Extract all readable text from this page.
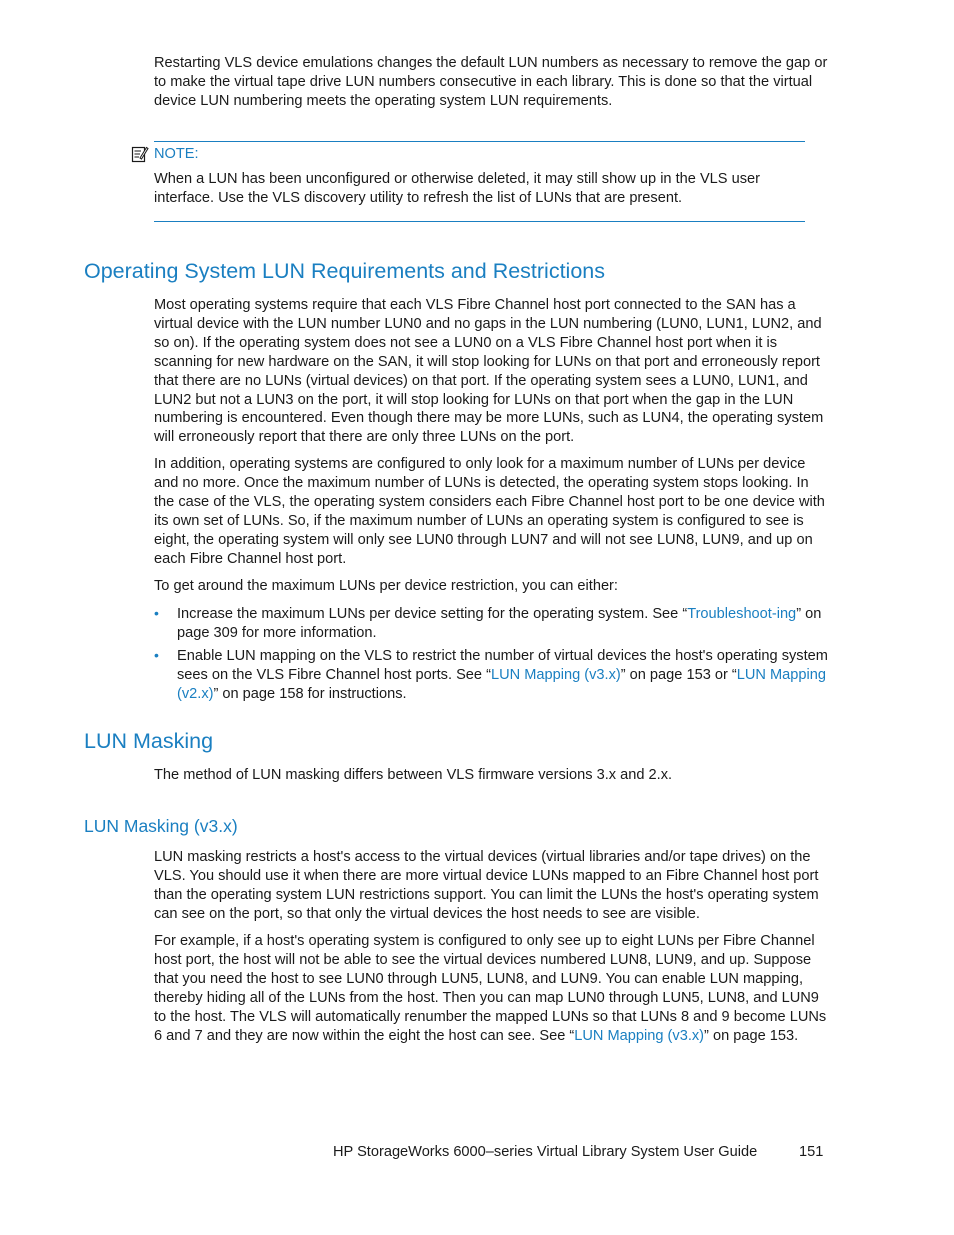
Restarting VLS device emulations changes the default LUN numbers as necessary to remove the gap or to make the virtual tape drive LUN numbers consecutive in each library. This is done so that the virtual device LUN numbering meets the operating system LUN requirements.

NOTE:

When a LUN has been unconfigured or otherwise deleted, it may still show up in the VLS user interface. Use the VLS discovery utility to refresh the list of LUNs that are present.

Operating System LUN Requirements and Restrictions

Most operating systems require that each VLS Fibre Channel host port connected to the SAN has a virtual device with the LUN number LUN0 and no gaps in the LUN numbering (LUN0, LUN1, LUN2, and so on). If the operating system does not see a LUN0 on a VLS Fibre Channel host port when it is scanning for new hardware on the SAN, it will stop looking for LUNs on that port and erroneously report that there are no LUNs (virtual devices) on that port. If the operating system sees a LUN0, LUN1, and LUN2 but not a LUN3 on the port, it will stop looking for LUNs on that port when the gap in the LUN numbering is encountered. Even though there may be more LUNs, such as LUN4, the operating system will erroneously report that there are only three LUNs on the port.

In addition, operating systems are configured to only look for a maximum number of LUNs per device and no more. Once the maximum number of LUNs is detected, the operating system stops looking. In the case of the VLS, the operating system considers each Fibre Channel host port to be one device with its own set of LUNs. So, if the maximum number of LUNs an operating system is configured to see is eight, the operating system will only see LUN0 through LUN7 and will not see LUN8, LUN9, and up on each Fibre Channel host port.

To get around the maximum LUNs per device restriction, you can either:

• Increase the maximum LUNs per device setting for the operating system. See “Troubleshoot-ing” on page 309 for more information.

• Enable LUN mapping on the VLS to restrict the number of virtual devices the host's operating system sees on the VLS Fibre Channel host ports. See “LUN Mapping (v3.x)” on page 153 or “LUN Mapping (v2.x)” on page 158 for instructions.

LUN Masking

The method of LUN masking differs between VLS firmware versions 3.x and 2.x.

LUN Masking (v3.x)

LUN masking restricts a host's access to the virtual devices (virtual libraries and/or tape drives) on the VLS. You should use it when there are more virtual device LUNs mapped to an Fibre Channel host port than the operating system LUN restrictions support. You can limit the LUNs the host's operating system can see on the port, so that only the virtual devices the host needs to see are visible.

For example, if a host's operating system is configured to only see up to eight LUNs per Fibre Channel host port, the host will not be able to see the virtual devices numbered LUN8, LUN9, and up. Suppose that you need the host to see LUN0 through LUN5, LUN8, and LUN9. You can enable LUN mapping, thereby hiding all of the LUNs from the host. Then you can map LUN0 through LUN5, LUN8, and LUN9 to the host. The VLS will automatically renumber the mapped LUNs so that LUNs 8 and 9 become LUNs 6 and 7 and they are now within the eight the host can see. See “LUN Mapping (v3.x)” on page 153.

HP StorageWorks 6000–series Virtual Library System User Guide	151
